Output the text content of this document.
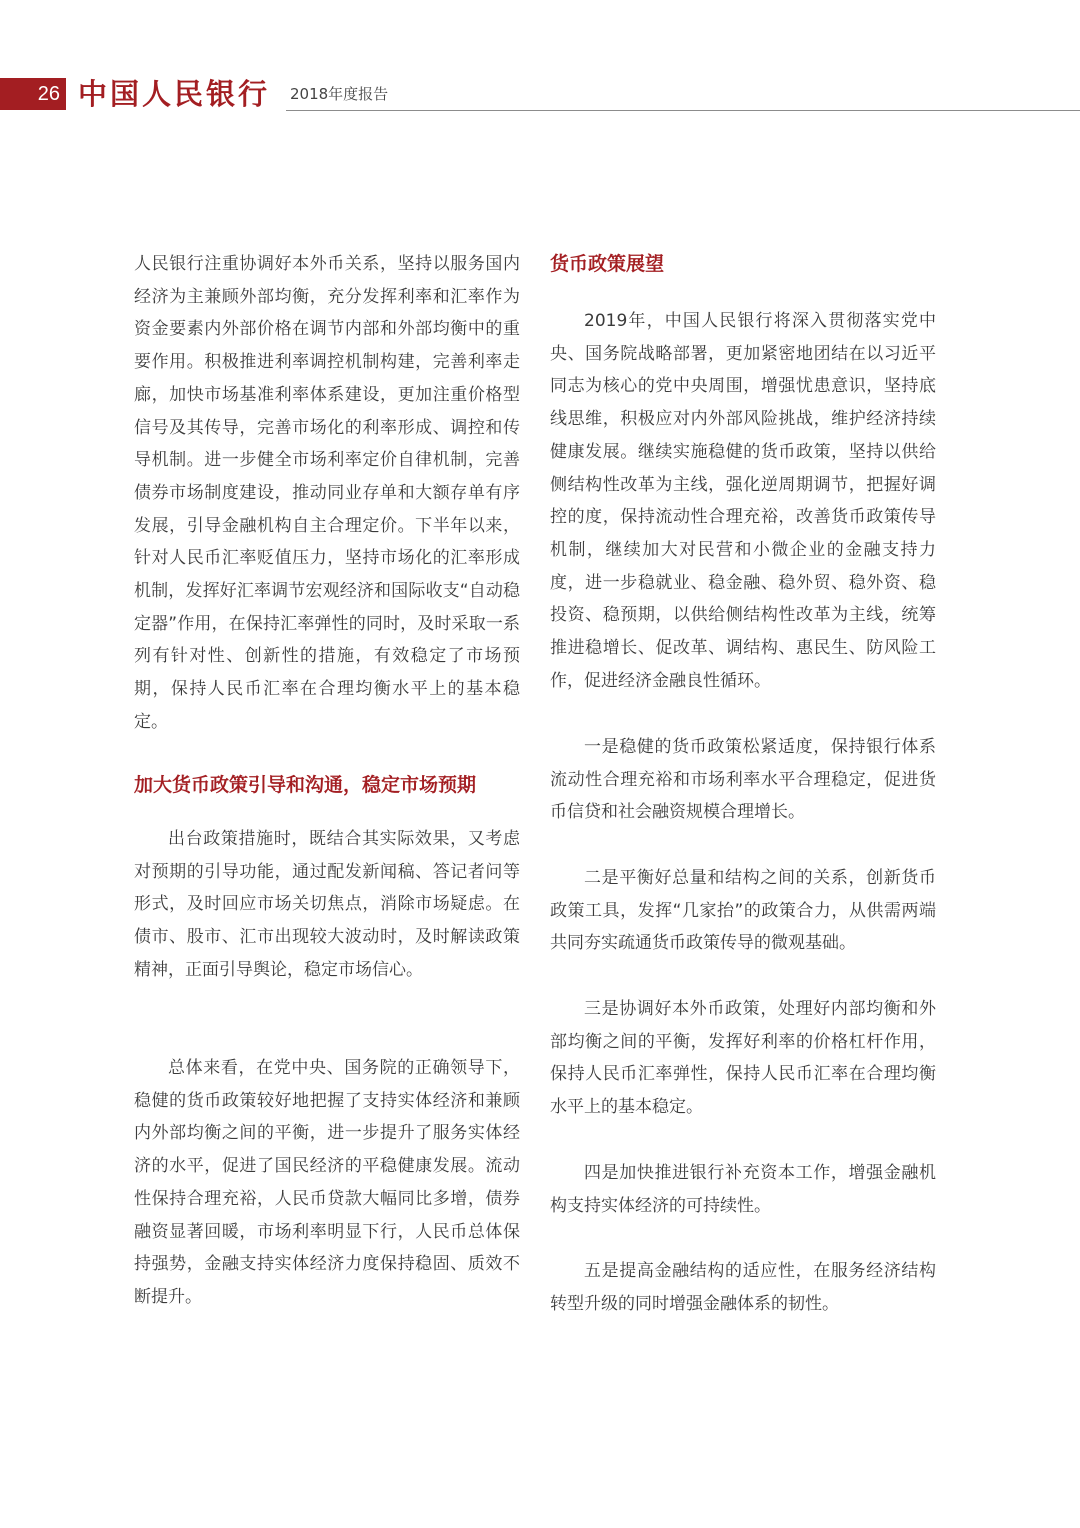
26 中国人民银行 2018年度报告

人民银行注重协调好本外币关系，坚持以服务国内经济为主兼顾外部均衡，充分发挥利率和汇率作为资金要素内外部价格在调节内部和外部均衡中的重要作用。积极推进利率调控机制构建，完善利率走廊，加快市场基准利率体系建设，更加注重价格型信号及其传导，完善市场化的利率形成、调控和传导机制。进一步健全市场利率定价自律机制，完善债券市场制度建设，推动同业存单和大额存单有序发展，引导金融机构自主合理定价。下半年以来，针对人民币汇率贬值压力，坚持市场化的汇率形成机制，发挥好汇率调节宏观经济和国际收支“自动稳定器”作用，在保持汇率弹性的同时，及时采取一系列有针对性、创新性的措施，有效稳定了市场预期，保持人民币汇率在合理均衡水平上的基本稳定。

加大货币政策引导和沟通，稳定市场预期

出台政策措施时，既结合其实际效果，又考虑对预期的引导功能，通过配发新闻稿、答记者问等形式，及时回应市场关切焦点，消除市场疑虑。在债市、股市、汇市出现较大波动时，及时解读政策精神，正面引导舆论，稳定市场信心。

总体来看，在党中央、国务院的正确领导下，稳健的货币政策较好地把握了支持实体经济和兼顾内外部均衡之间的平衡，进一步提升了服务实体经济的水平，促进了国民经济的平稳健康发展。流动性保持合理充裕，人民币贷款大幅同比多增，债券融资显著回暖，市场利率明显下行，人民币总体保持强势，金融支持实体经济力度保持稳固、质效不断提升。

货币政策展望

2019年，中国人民银行将深入贯彻落实党中央、国务院战略部署，更加紧密地团结在以习近平同志为核心的党中央周围，增强忧患意识，坚持底线思维，积极应对内外部风险挑战，维护经济持续健康发展。继续实施稳健的货币政策，坚持以供给侧结构性改革为主线，强化逆周期调节，把握好调控的度，保持流动性合理充裕，改善货币政策传导机制，继续加大对民营和小微企业的金融支持力度，进一步稳就业、稳金融、稳外贸、稳外资、稳投资、稳预期，以供给侧结构性改革为主线，统筹推进稳增长、促改革、调结构、惠民生、防风险工作，促进经济金融良性循环。

一是稳健的货币政策松紧适度，保持银行体系流动性合理充裕和市场利率水平合理稳定，促进货币信贷和社会融资规模合理增长。

二是平衡好总量和结构之间的关系，创新货币政策工具，发挥“几家抬”的政策合力，从供需两端共同夯实疏通货币政策传导的微观基础。

三是协调好本外币政策，处理好内部均衡和外部均衡之间的平衡，发挥好利率的价格杠杆作用，保持人民币汇率弹性，保持人民币汇率在合理均衡水平上的基本稳定。

四是加快推进银行补充资本工作，增强金融机构支持实体经济的可持续性。

五是提高金融结构的适应性，在服务经济结构转型升级的同时增强金融体系的韧性。
